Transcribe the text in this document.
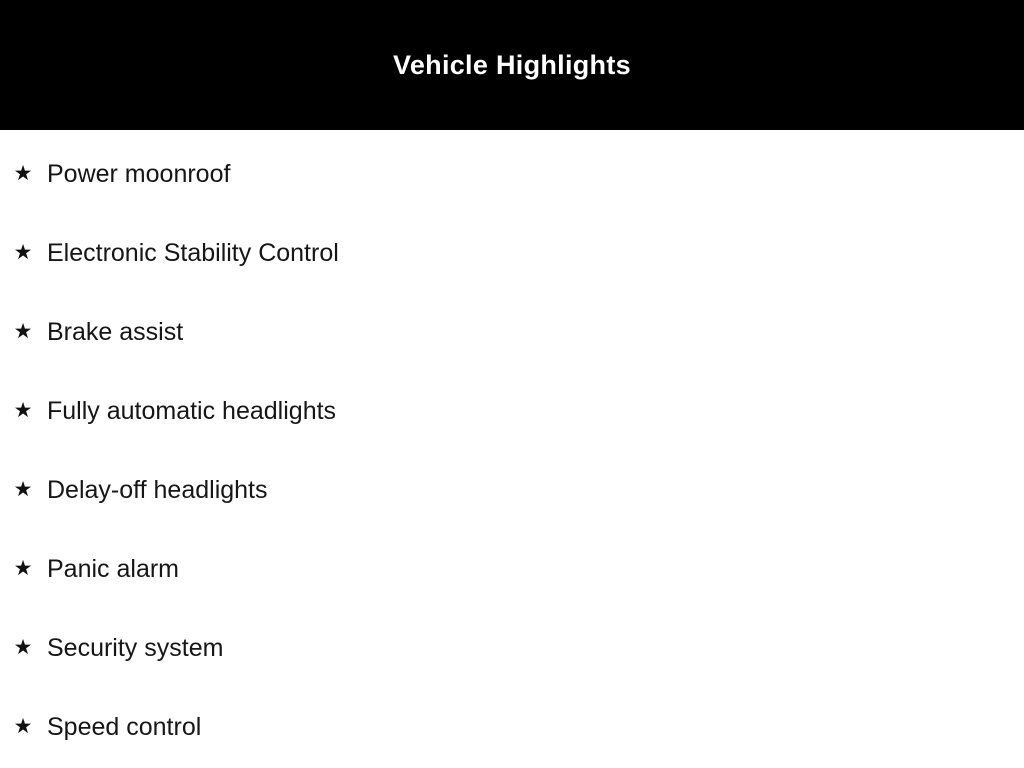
Vehicle Highlights
★ Power moonroof
★ Electronic Stability Control
★ Brake assist
★ Fully automatic headlights
★ Delay-off headlights
★ Panic alarm
★ Security system
★ Speed control
